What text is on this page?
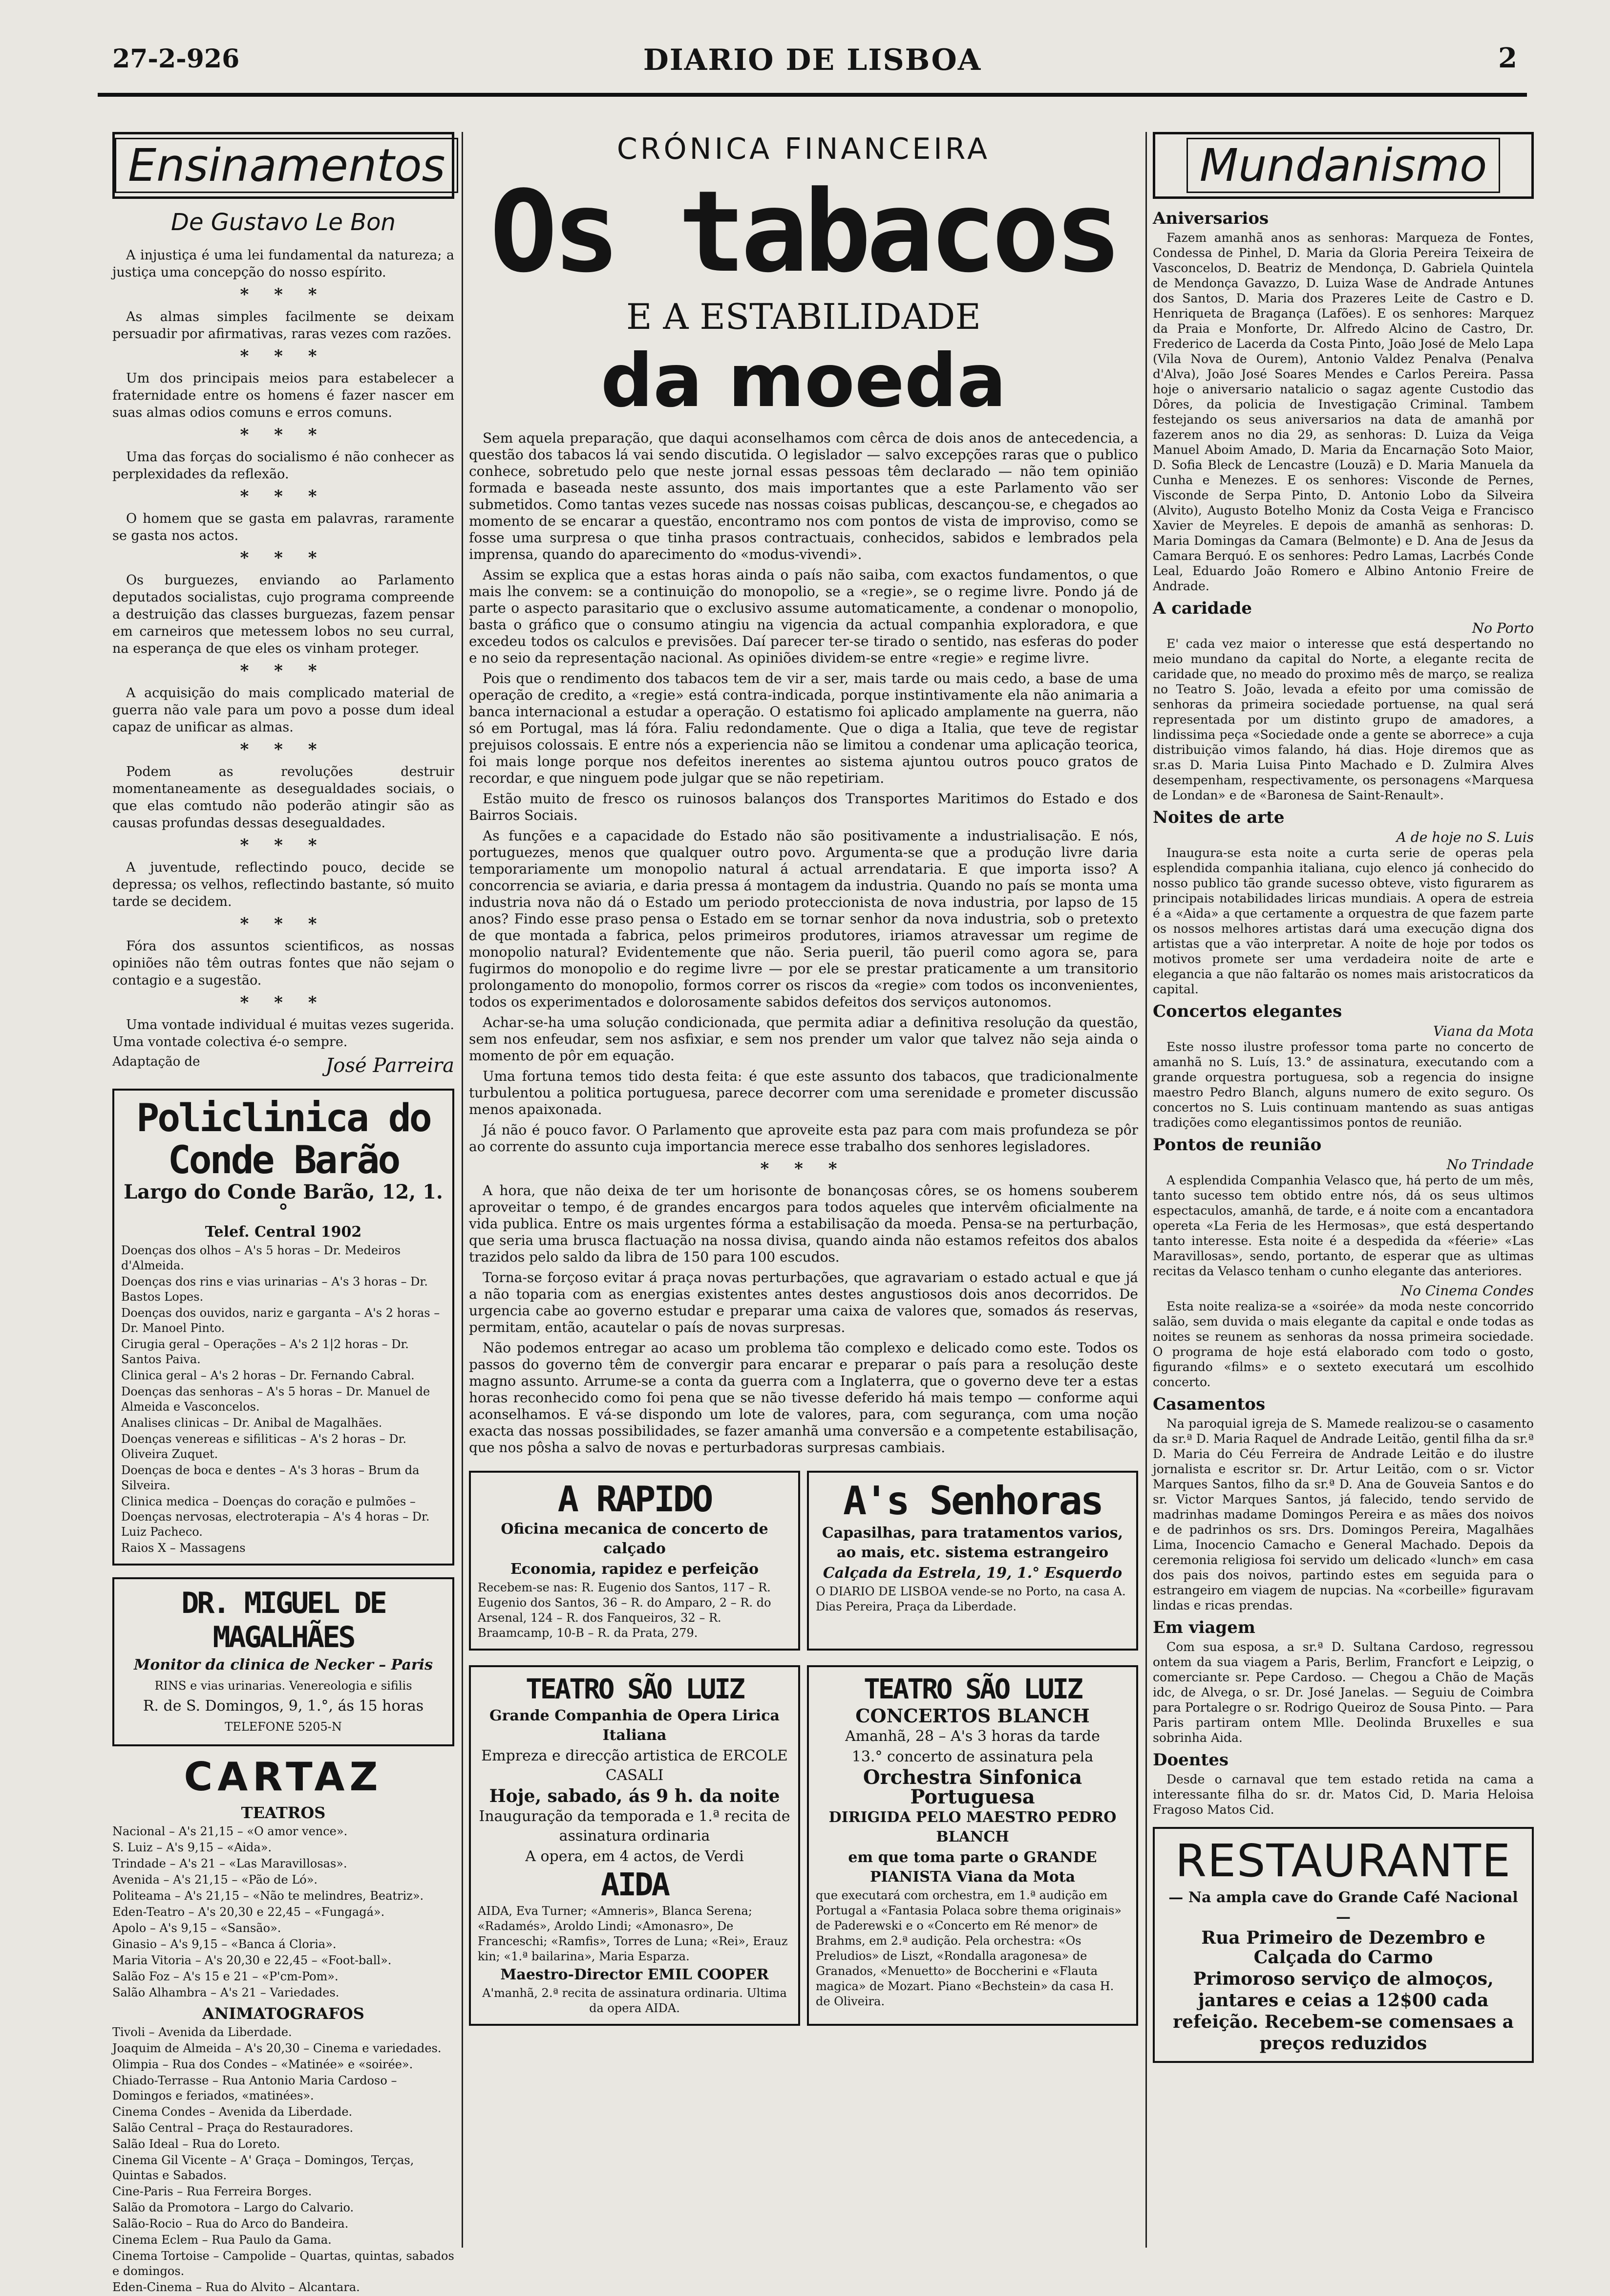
27-2-926	DIARIO DE LISBOA	2
Ensinamentos
De Gustavo Le Bon

A injustiça é uma lei fundamental da natureza; a justiça uma concepção do nosso espírito.

* * *

As almas simples facilmente se deixam persuadir por afirmativas, raras vezes com razões.

* * *

Um dos principais meios para estabelecer a fraternidade entre os homens é fazer nascer em suas almas odios comuns e erros comuns.

* * *

Uma das forças do socialismo é não conhecer as perplexidades da reflexão.

* * *

O homem que se gasta em palavras, raramente se gasta nos actos.

* * *

Os burguezes, enviando ao Parlamento deputados socialistas, cujo programa compreende a destruição das classes burguezas, fazem pensar em carneiros que metessem lobos no seu curral, na esperança de que eles os vinham proteger.

* * *

A acquisição do mais complicado material de guerra não vale para um povo a posse dum ideal capaz de unificar as almas.

* * *

Podem as revoluções destruir momentaneamente as desegualdades sociais, o que elas comtudo não poderão atingir são as causas profundas dessas desegualdades.

* * *

A juventude, reflectindo pouco, decide se depressa; os velhos, reflectindo bastante, só muito tarde se decidem.

* * *

Fóra dos assuntos scientificos, as nossas opiniões não têm outras fontes que não sejam o contagio e a sugestão.

* * *

Uma vontade individual é muitas vezes sugerida. Uma vontade colectiva é-o sempre.

Adaptação de	José Parreira
Policlinica do Conde Barão
Largo do Conde Barão, 12, 1.°
Telef. Central 1902
Doenças dos olhos – A's 5 horas – Dr. Medeiros d'Almeida.
Doenças dos rins e vias urinarias – A's 3 horas – Dr. Bastos Lopes.
Doenças dos ouvidos, nariz e garganta – A's 2 horas – Dr. Manoel Pinto.
Cirugia geral – Operações – A's 2 1|2 horas – Dr. Santos Paiva.
Clinica geral – A's 2 horas – Dr. Fernando Cabral.
Doenças das senhoras – A's 5 horas – Dr. Manuel de Almeida e Vasconcelos.
Analises clinicas – Dr. Anibal de Magalhães.
Doenças venereas e sifiliticas – A's 2 horas – Dr. Oliveira Zuquet.
Doenças de boca e dentes – A's 3 horas – Brum da Silveira.
Clinica medica – Doenças do coração e pulmões – Doenças nervosas, electroterapia – A's 4 horas – Dr. Luiz Pacheco.
Raios X – Massagens
DR. MIGUEL DE MAGALHÃES
Monitor da clinica de Necker – Paris
RINS e vias urinarias. Venereologia e sifilis
R. de S. Domingos, 9, 1.°, ás 15 horas
TELEFONE 5205-N
CARTAZ
TEATROS
Nacional – A's 21,15 – «O amor vence».
S. Luiz – A's 9,15 – «Aida».
Trindade – A's 21 – «Las Maravillosas».
Avenida – A's 21,15 – «Pão de Ló».
Politeama – A's 21,15 – «Não te melindres, Beatriz».
Eden-Teatro – A's 20,30 e 22,45 – «Fungagá».
Apolo – A's 9,15 – «Sansão».
Ginasio – A's 9,15 – «Banca á Cloria».
Maria Vitoria – A's 20,30 e 22,45 – «Foot-ball».
Salão Foz – A's 15 e 21 – «P'cm-Pom».
Salão Alhambra – A's 21 – Variedades.
ANIMATOGRAFOS
Tivoli – Avenida da Liberdade.
Joaquim de Almeida – A's 20,30 – Cinema e variedades.
Olimpia – Rua dos Condes – «Matinée» e «soirée».
Chiado-Terrasse – Rua Antonio Maria Cardoso – Domingos e feriados, «matinées».
Cinema Condes – Avenida da Liberdade.
Salão Central – Praça do Restauradores.
Salão Ideal – Rua do Loreto.
Cinema Gil Vicente – A' Graça – Domingos, Terças, Quintas e Sabados.
Cine-Paris – Rua Ferreira Borges.
Salão da Promotora – Largo do Calvario.
Salão-Rocio – Rua do Arco do Bandeira.
Cinema Eclem – Rua Paulo da Gama.
Cinema Tortoise – Campolide – Quartas, quintas, sabados e domingos.
Eden-Cinema – Rua do Alvito – Alcantara.
CRÓNICA FINANCEIRA
Os tabacos
E A ESTABILIDADE
da moeda

Sem aquela preparação, que daqui aconselhamos com cêrca de dois anos de antecedencia, a questão dos tabacos lá vai sendo discutida. O legislador — salvo excepções raras que o publico conhece, sobretudo pelo que neste jornal essas pessoas têm declarado — não tem opinião formada e baseada neste assunto, dos mais importantes que a este Parlamento vão ser submetidos. Como tantas vezes sucede nas nossas coisas publicas, descançou-se, e chegados ao momento de se encarar a questão, encontramo nos com pontos de vista de improviso, como se fosse uma surpresa o que tinha prasos contractuais, conhecidos, sabidos e lembrados pela imprensa, quando do aparecimento do «modus-vivendi».

Assim se explica que a estas horas ainda o país não saiba, com exactos fundamentos, o que mais lhe convem: se a continuição do monopolio, se a «regie», se o regime livre. Pondo já de parte o aspecto parasitario que o exclusivo assume automaticamente, a condenar o monopolio, basta o gráfico que o consumo atingiu na vigencia da actual companhia exploradora, e que excedeu todos os calculos e previsões. Daí parecer ter-se tirado o sentido, nas esferas do poder e no seio da representação nacional. As opiniões dividem-se entre «regie» e regime livre.

Pois que o rendimento dos tabacos tem de vir a ser, mais tarde ou mais cedo, a base de uma operação de credito, a «regie» está contra-indicada, porque instintivamente ela não animaria a banca internacional a estudar a operação. O estatismo foi aplicado amplamente na guerra, não só em Portugal, mas lá fóra. Faliu redondamente. Que o diga a Italia, que teve de registar prejuisos colossais. E entre nós a experiencia não se limitou a condenar uma aplicação teorica, foi mais longe porque nos defeitos inerentes ao sistema ajuntou outros pouco gratos de recordar, e que ninguem pode julgar que se não repetiriam.

Estão muito de fresco os ruinosos balanços dos Transportes Maritimos do Estado e dos Bairros Sociais.

As funções e a capacidade do Estado não são positivamente a industrialisação. E nós, portuguezes, menos que qualquer outro povo. Argumenta-se que a produção livre daria temporariamente um monopolio natural á actual arrendataria. E que importa isso? A concorrencia se aviaria, e daria pressa á montagem da industria. Quando no país se monta uma industria nova não dá o Estado um periodo proteccionista de nova industria, por lapso de 15 anos? Findo esse praso pensa o Estado em se tornar senhor da nova industria, sob o pretexto de que montada a fabrica, pelos primeiros produtores, iriamos atravessar um regime de monopolio natural? Evidentemente que não. Seria pueril, tão pueril como agora se, para fugirmos do monopolio e do regime livre — por ele se prestar praticamente a um transitorio prolongamento do monopolio, formos correr os riscos da «regie» com todos os inconvenientes, todos os experimentados e dolorosamente sabidos defeitos dos serviços autonomos.

Achar-se-ha uma solução condicionada, que permita adiar a definitiva resolução da questão, sem nos enfeudar, sem nos asfixiar, e sem nos prender um valor que talvez não seja ainda o momento de pôr em equação.

Uma fortuna temos tido desta feita: é que este assunto dos tabacos, que tradicionalmente turbulentou a politica portuguesa, parece decorrer com uma serenidade e prometer discussão menos apaixonada.

Já não é pouco favor. O Parlamento que aproveite esta paz para com mais profundeza se pôr ao corrente do assunto cuja importancia merece esse trabalho dos senhores legisladores.

* * *

A hora, que não deixa de ter um horisonte de bonançosas côres, se os homens souberem aproveitar o tempo, é de grandes encargos para todos aqueles que intervêm oficialmente na vida publica. Entre os mais urgentes fórma a estabilisação da moeda. Pensa-se na perturbação, que seria uma brusca flactuação na nossa divisa, quando ainda não estamos refeitos dos abalos trazidos pelo saldo da libra de 150 para 100 escudos.

Torna-se forçoso evitar á praça novas perturbações, que agravariam o estado actual e que já a não toparia com as energias existentes antes destes angustiosos dois anos decorridos. De urgencia cabe ao governo estudar e preparar uma caixa de valores que, somados ás reservas, permitam, então, acautelar o país de novas surpresas.

Não podemos entregar ao acaso um problema tão complexo e delicado como este. Todos os passos do governo têm de convergir para encarar e preparar o país para a resolução deste magno assunto. Arrume-se a conta da guerra com a Inglaterra, que o governo deve ter a estas horas reconhecido como foi pena que se não tivesse deferido há mais tempo — conforme aqui aconselhamos. E vá-se dispondo um lote de valores, para, com segurança, com uma noção exacta das nossas possibilidades, se fazer amanhã uma conversão e a competente estabilisação, que nos pôsha a salvo de novas e perturbadoras surpresas cambiais.

A RAPIDO
Oficina mecanica de concerto de calçado
Economia, rapidez e perfeição
Recebem-se nas: R. Eugenio dos Santos, 117 – R. Eugenio dos Santos, 36 – R. do Amparo, 2 – R. do Arsenal, 124 – R. dos Fanqueiros, 32 – R. Braamcamp, 10-B – R. da Prata, 279.
A's Senhoras
Capasilhas, para tratamentos varios, ao mais, etc. sistema estrangeiro
Calçada da Estrela, 19, 1.° Esquerdo
O DIARIO DE LISBOA vende-se no Porto, na casa A. Dias Pereira, Praça da Liberdade.
TEATRO SÃO LUIZ
Grande Companhia de Opera Lirica Italiana
Empreza e direcção artistica de ERCOLE CASALI
Hoje, sabado, ás 9 h. da noite
Inauguração da temporada e 1.ª recita de assinatura ordinaria
A opera, em 4 actos, de Verdi
AIDA
AIDA, Eva Turner; «Amneris», Blanca Serena; «Radamés», Aroldo Lindi; «Amonasro», De Franceschi; «Ramfis», Torres de Luna; «Rei», Erauz kin; «1.ª bailarina», Maria Esparza.
Maestro-Director EMIL COOPER
A'manhã, 2.ª recita de assinatura ordinaria. Ultima da opera AIDA.
TEATRO SÃO LUIZ
CONCERTOS BLANCH
Amanhã, 28 – A's 3 horas da tarde
13.° concerto de assinatura pela
Orchestra Sinfonica Portuguesa
DIRIGIDA PELO MAESTRO PEDRO BLANCH
em que toma parte o GRANDE PIANISTA Viana da Mota
que executará com orchestra, em 1.ª audição em Portugal a «Fantasia Polaca sobre thema originais» de Paderewski e o «Concerto em Ré menor» de Brahms, em 2.ª audição. Pela orchestra: «Os Preludios» de Liszt, «Rondalla aragonesa» de Granados, «Menuetto» de Boccherini e «Flauta magica» de Mozart. Piano «Bechstein» da casa H. de Oliveira.
Mundanismo
Aniversarios

Fazem amanhã anos as senhoras: Marqueza de Fontes, Condessa de Pinhel, D. Maria da Gloria Pereira Teixeira de Vasconcelos, D. Beatriz de Mendonça, D. Gabriela Quintela de Mendonça Gavazzo, D. Luiza Wase de Andrade Antunes dos Santos, D. Maria dos Prazeres Leite de Castro e D. Henriqueta de Bragança (Lafões). E os senhores: Marquez da Praia e Monforte, Dr. Alfredo Alcino de Castro, Dr. Frederico de Lacerda da Costa Pinto, João José de Melo Lapa (Vila Nova de Ourem), Antonio Valdez Penalva (Penalva d'Alva), João José Soares Mendes e Carlos Pereira. Passa hoje o aniversario natalicio o sagaz agente Custodio das Dôres, da policia de Investigação Criminal. Tambem festejando os seus aniversarios na data de amanhã por fazerem anos no dia 29, as senhoras: D. Luiza da Veiga Manuel Aboim Amado, D. Maria da Encarnação Soto Maior, D. Sofia Bleck de Lencastre (Louzã) e D. Maria Manuela da Cunha e Menezes. E os senhores: Visconde de Pernes, Visconde de Serpa Pinto, D. Antonio Lobo da Silveira (Alvito), Augusto Botelho Moniz da Costa Veiga e Francisco Xavier de Meyreles. E depois de amanhã as senhoras: D. Maria Domingas da Camara (Belmonte) e D. Ana de Jesus da Camara Berquó. E os senhores: Pedro Lamas, Lacrbés Conde Leal, Eduardo João Romero e Albino Antonio Freire de Andrade.

A caridade
No Porto

E' cada vez maior o interesse que está despertando no meio mundano da capital do Norte, a elegante recita de caridade que, no meado do proximo mês de março, se realiza no Teatro S. João, levada a efeito por uma comissão de senhoras da primeira sociedade portuense, na qual será representada por um distinto grupo de amadores, a lindissima peça «Sociedade onde a gente se aborrece» a cuja distribuição vimos falando, há dias. Hoje diremos que as sr.as D. Maria Luisa Pinto Machado e D. Zulmira Alves desempenham, respectivamente, os personagens «Marquesa de Londan» e de «Baronesa de Saint-Renault».

Noites de arte
A de hoje no S. Luis

Inaugura-se esta noite a curta serie de operas pela esplendida companhia italiana, cujo elenco já conhecido do nosso publico tão grande sucesso obteve, visto figurarem as principais notabilidades liricas mundiais. A opera de estreia é a «Aida» a que certamente a orquestra de que fazem parte os nossos melhores artistas dará uma execução digna dos artistas que a vão interpretar. A noite de hoje por todos os motivos promete ser uma verdadeira noite de arte e elegancia a que não faltarão os nomes mais aristocraticos da capital.

Concertos elegantes
Viana da Mota

Este nosso ilustre professor toma parte no concerto de amanhã no S. Luís, 13.° de assinatura, executando com a grande orquestra portuguesa, sob a regencia do insigne maestro Pedro Blanch, alguns numero de exito seguro. Os concertos no S. Luis continuam mantendo as suas antigas tradições como elegantissimos pontos de reunião.

Pontos de reunião
No Trindade

A esplendida Companhia Velasco que, há perto de um mês, tanto sucesso tem obtido entre nós, dá os seus ultimos espectaculos, amanhã, de tarde, e á noite com a encantadora opereta «La Feria de les Hermosas», que está despertando tanto interesse. Esta noite é a despedida da «féerie» «Las Maravillosas», sendo, portanto, de esperar que as ultimas recitas da Velasco tenham o cunho elegante das anteriores.

No Cinema Condes

Esta noite realiza-se a «soirée» da moda neste concorrido salão, sem duvida o mais elegante da capital e onde todas as noites se reunem as senhoras da nossa primeira sociedade. O programa de hoje está elaborado com todo o gosto, figurando «films» e o sexteto executará um escolhido concerto.

Casamentos

Na paroquial igreja de S. Mamede realizou-se o casamento da sr.ª D. Maria Raquel de Andrade Leitão, gentil filha da sr.ª D. Maria do Céu Ferreira de Andrade Leitão e do ilustre jornalista e escritor sr. Dr. Artur Leitão, com o sr. Victor Marques Santos, filho da sr.ª D. Ana de Gouveia Santos e do sr. Victor Marques Santos, já falecido, tendo servido de madrinhas madame Domingos Pereira e as mães dos noivos e de padrinhos os srs. Drs. Domingos Pereira, Magalhães Lima, Inocencio Camacho e General Machado. Depois da ceremonia religiosa foi servido um delicado «lunch» em casa dos pais dos noivos, partindo estes em seguida para o estrangeiro em viagem de nupcias. Na «corbeille» figuravam lindas e ricas prendas.

Em viagem

Com sua esposa, a sr.ª D. Sultana Cardoso, regressou ontem da sua viagem a Paris, Berlim, Francfort e Leipzig, o comerciante sr. Pepe Cardoso. — Chegou a Chão de Maçãs idc, de Alvega, o sr. Dr. José Janelas. — Seguiu de Coimbra para Portalegre o sr. Rodrigo Queiroz de Sousa Pinto. — Para Paris partiram ontem Mlle. Deolinda Bruxelles e sua sobrinha Aida.

Doentes

Desde o carnaval que tem estado retida na cama a interessante filha do sr. dr. Matos Cid, D. Maria Heloisa Fragoso Matos Cid.

RESTAURANTE
— Na ampla cave do Grande Café Nacional —
Rua Primeiro de Dezembro e Calçada do Carmo
Primoroso serviço de almoços, jantares e ceias a 12$00 cada refeição. Recebem-se comensaes a preços reduzidos
